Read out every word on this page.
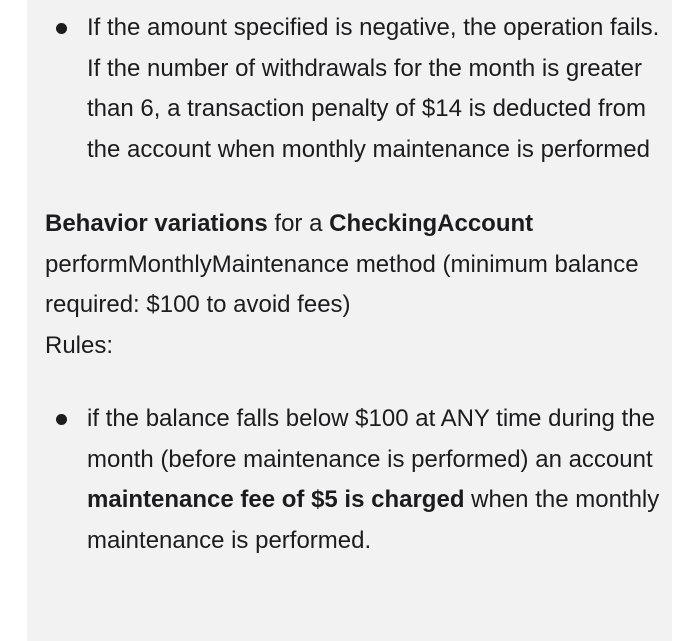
If the amount specified is negative, the operation fails. If the number of withdrawals for the month is greater than 6, a transaction penalty of $14 is deducted from the account when monthly maintenance is performed

Behavior variations for a CheckingAccount performMonthlyMaintenance method (minimum balance required: $100 to avoid fees)

Rules:

if the balance falls below $100 at ANY time during the month (before maintenance is performed) an account maintenance fee of $5 is charged when the monthly maintenance is performed.
